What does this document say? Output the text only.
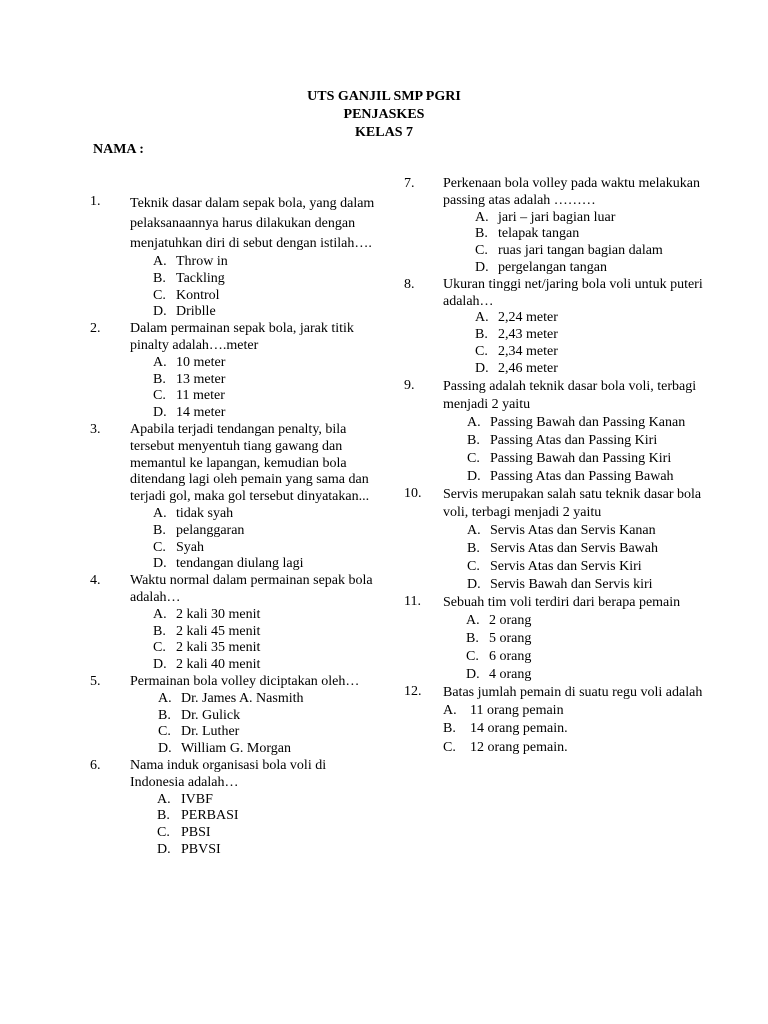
UTS GANJIL SMP PGRI
PENJASKES
KELAS 7
NAMA :
1. Teknik dasar dalam sepak bola, yang dalam pelaksanaannya harus dilakukan dengan menjatuhkan diri di sebut dengan istilah….
A. Throw in
B. Tackling
C. Kontrol
D. Driblle
2. Dalam permainan sepak bola, jarak titik pinalty adalah….meter
A. 10 meter
B. 13 meter
C. 11 meter
D. 14 meter
3. Apabila terjadi tendangan penalty, bila tersebut menyentuh tiang gawang dan memantul ke lapangan, kemudian bola ditendang lagi oleh pemain yang sama dan terjadi gol, maka gol tersebut dinyatakan...
A. tidak syah
B. pelanggaran
C. Syah
D. tendangan diulang lagi
4. Waktu normal dalam permainan sepak bola adalah…
A. 2 kali 30 menit
B. 2 kali 45 menit
C. 2 kali 35 menit
D. 2 kali 40 menit
5. Permainan bola volley diciptakan oleh…
A. Dr. James A. Nasmith
B. Dr. Gulick
C. Dr. Luther
D. William G. Morgan
6. Nama induk organisasi bola voli di Indonesia adalah…
A. IVBF
B. PERBASI
C. PBSI
D. PBVSI
7. Perkenaan bola volley pada waktu melakukan passing atas adalah ………
A. jari – jari bagian luar
B. telapak tangan
C. ruas jari tangan bagian dalam
D. pergelangan tangan
8. Ukuran tinggi net/jaring bola voli untuk puteri adalah…
A. 2,24 meter
B. 2,43 meter
C. 2,34 meter
D. 2,46 meter
9. Passing adalah teknik dasar bola voli, terbagi menjadi 2 yaitu
A. Passing Bawah dan Passing Kanan
B. Passing Atas dan Passing Kiri
C. Passing Bawah dan Passing Kiri
D. Passing Atas dan Passing Bawah
10. Servis merupakan salah satu teknik dasar bola voli, terbagi menjadi 2 yaitu
A. Servis Atas dan Servis Kanan
B. Servis Atas dan Servis Bawah
C. Servis Atas dan Servis Kiri
D. Servis Bawah dan Servis kiri
11. Sebuah tim voli terdiri dari berapa pemain
A. 2 orang
B. 5 orang
C. 6 orang
D. 4 orang
12. Batas jumlah pemain di suatu regu voli adalah
A. 11 orang pemain
B. 14 orang pemain.
C. 12 orang pemain.
